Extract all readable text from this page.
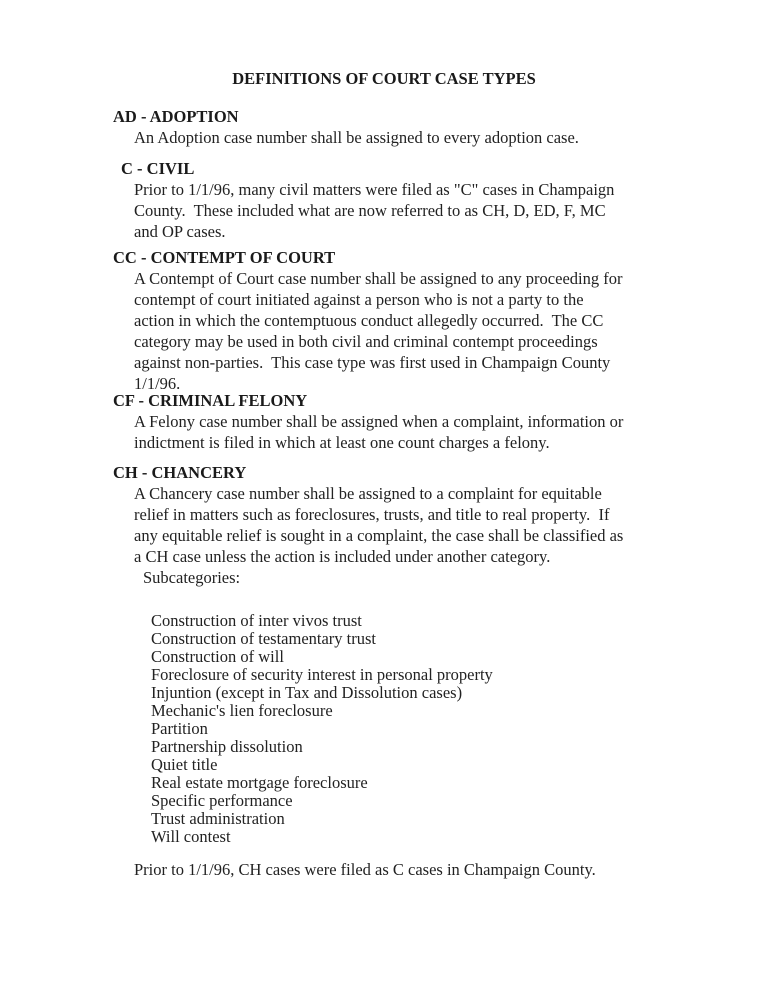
DEFINITIONS OF COURT CASE TYPES
AD - ADOPTION
An Adoption case number shall be assigned to every adoption case.
C - CIVIL
Prior to 1/1/96, many civil matters were filed as "C" cases in Champaign
County.  These included what are now referred to as CH, D, ED, F, MC
and OP cases.
CC - CONTEMPT OF COURT
A Contempt of Court case number shall be assigned to any proceeding for
contempt of court initiated against a person who is not a party to the
action in which the contemptuous conduct allegedly occurred.  The CC
category may be used in both civil and criminal contempt proceedings
against non-parties.  This case type was first used in Champaign County
1/1/96.
CF - CRIMINAL FELONY
A Felony case number shall be assigned when a complaint, information or
indictment is filed in which at least one count charges a felony.
CH - CHANCERY
A Chancery case number shall be assigned to a complaint for equitable
relief in matters such as foreclosures, trusts, and title to real property.  If
any equitable relief is sought in a complaint, the case shall be classified as
a CH case unless the action is included under another category.
Subcategories:
Construction of inter vivos trust
Construction of testamentary trust
Construction of will
Foreclosure of security interest in personal property
Injuntion (except in Tax and Dissolution cases)
Mechanic's lien foreclosure
Partition
Partnership dissolution
Quiet title
Real estate mortgage foreclosure
Specific performance
Trust administration
Will contest
Prior to 1/1/96, CH cases were filed as C cases in Champaign County.
